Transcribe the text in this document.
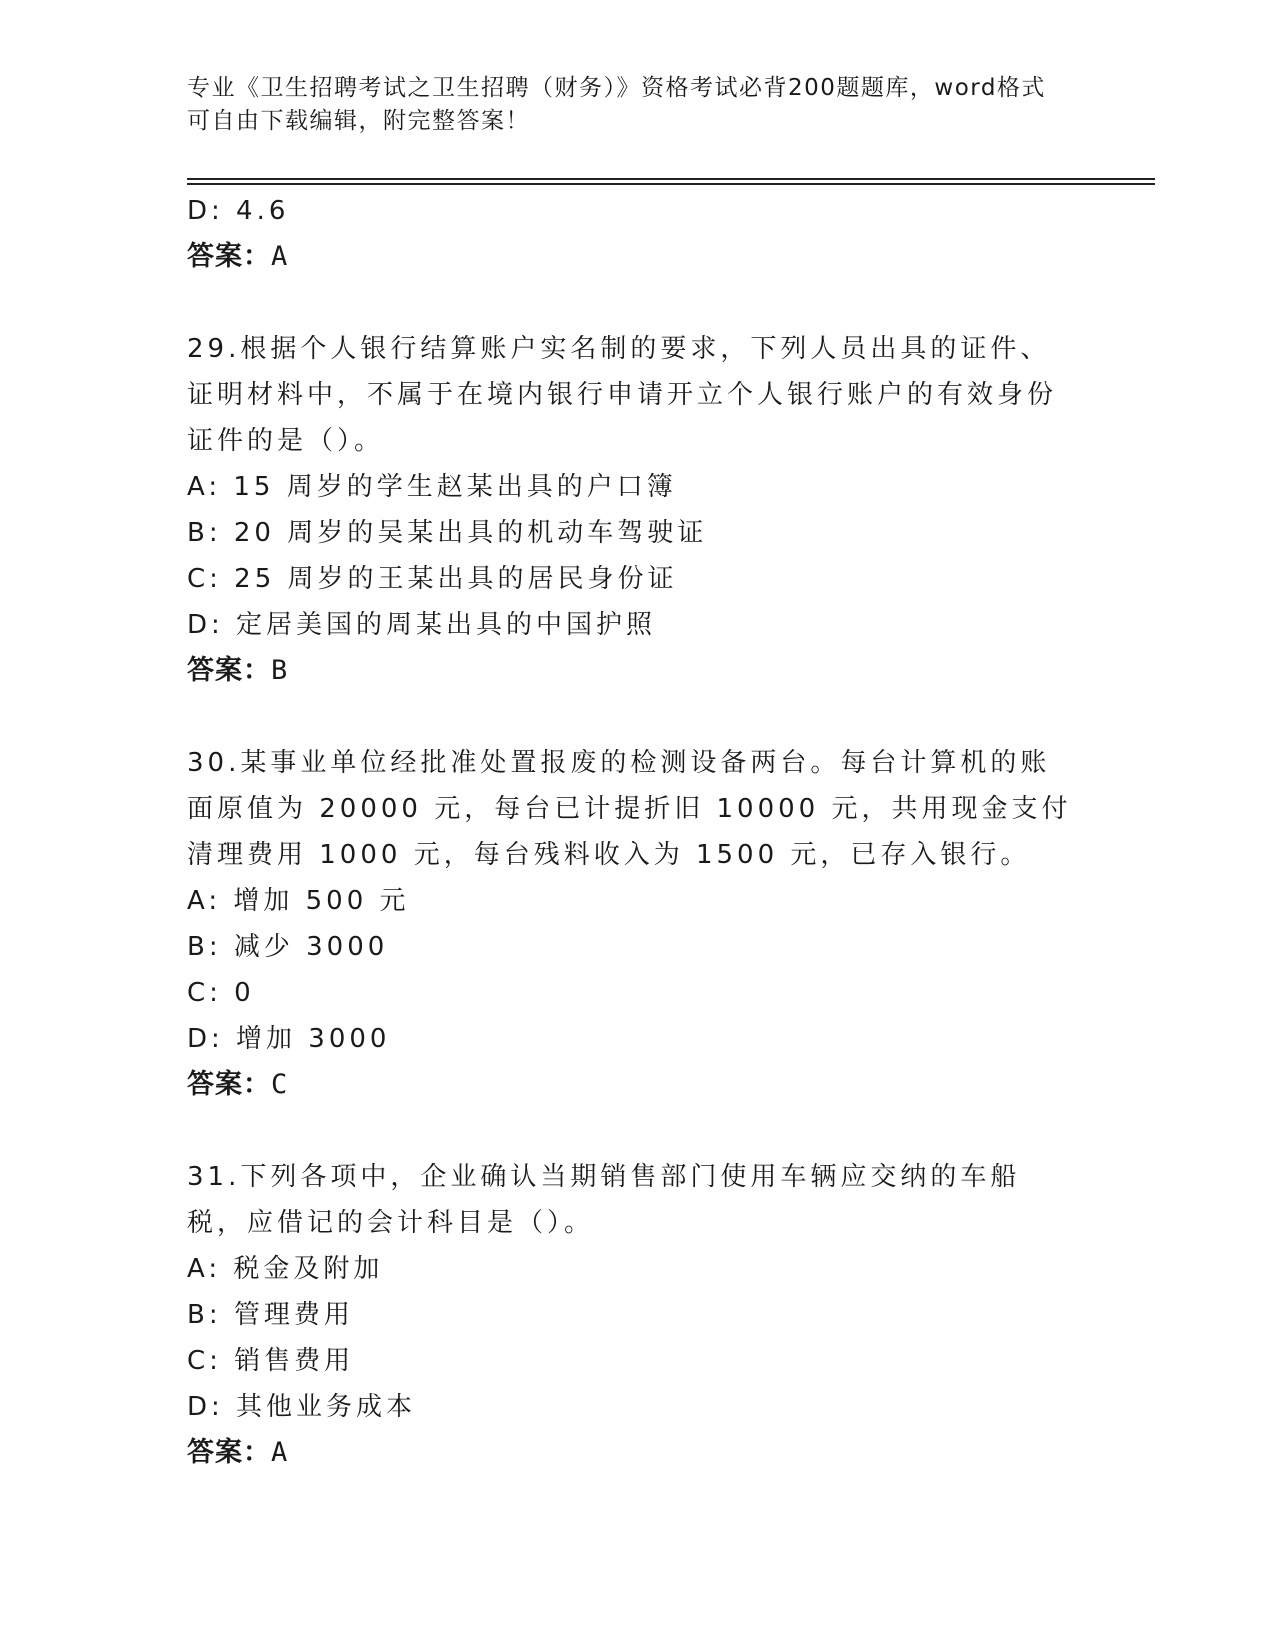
专业《卫生招聘考试之卫生招聘（财务）》资格考试必背200题题库，word格式
可自由下载编辑，附完整答案！

D: 4.6

答案：A

29.根据个人银行结算账户实名制的要求，下列人员出具的证件、证明材料中，不属于在境内银行申请开立个人银行账户的有效身份证件的是（）。

A: 15 周岁的学生赵某出具的户口簿

B: 20 周岁的吴某出具的机动车驾驶证

C: 25 周岁的王某出具的居民身份证

D: 定居美国的周某出具的中国护照

答案：B

30.某事业单位经批准处置报废的检测设备两台。每台计算机的账面原值为 20000 元，每台已计提折旧 10000 元，共用现金支付清理费用 1000 元，每台残料收入为 1500 元，已存入银行。

A: 增加 500 元

B: 减少 3000

C: 0

D: 增加 3000

答案：C

31.下列各项中，企业确认当期销售部门使用车辆应交纳的车船税，应借记的会计科目是（）。

A: 税金及附加

B: 管理费用

C: 销售费用

D: 其他业务成本

答案：A
